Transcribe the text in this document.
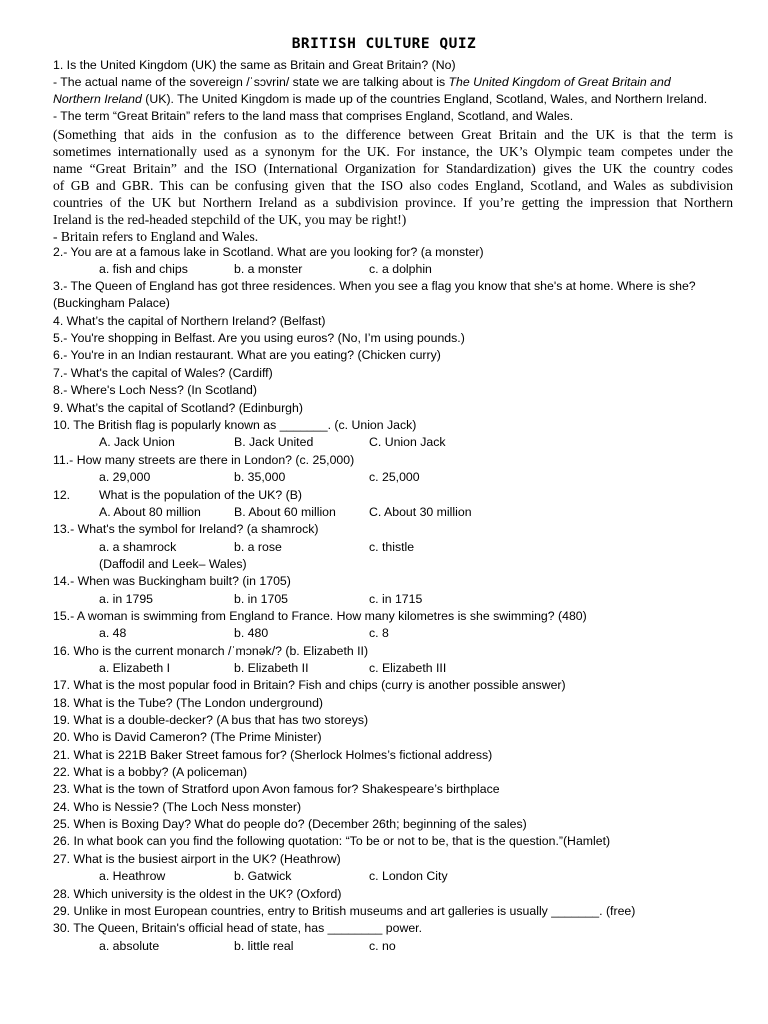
BRITISH CULTURE QUIZ
1. Is the United Kingdom (UK) the same as Britain and Great Britain? (No)
- The actual name of the sovereign /ˈsɔvrin/ state we are talking about is The United Kingdom of Great Britain and
Northern Ireland (UK). The United Kingdom is made up of the countries England, Scotland, Wales, and Northern Ireland.
- The term “Great Britain” refers to the land mass that comprises England, Scotland, and Wales.
(Something that aids in the confusion as to the difference between Great Britain and the UK is that the term is
sometimes internationally used as a synonym for the UK. For instance, the UK’s Olympic team competes under the
name “Great Britain” and the ISO (International Organization for Standardization) gives the UK the country codes
of GB and GBR. This can be confusing given that the ISO also codes England, Scotland, and Wales as subdivision
countries of the UK but Northern Ireland as a subdivision province. If you’re getting the impression that Northern
Ireland is the red-headed stepchild of the UK, you may be right!)
- Britain refers to England and Wales.
2.- You are at a famous lake in Scotland. What are you looking for? (a monster)
a. fish and chips	b. a monster	c. a dolphin
3.- The Queen of England has got three residences. When you see a flag you know that she's at home. Where is she?
(Buckingham Palace)
4. What’s the capital of Northern Ireland? (Belfast)
5.- You're shopping in Belfast. Are you using euros? (No, I’m using pounds.)
6.- You're in an Indian restaurant. What are you eating? (Chicken curry)
7.- What's the capital of Wales? (Cardiff)
8.- Where's Loch Ness? (In Scotland)
9. What’s the capital of Scotland? (Edinburgh)
10. The British flag is popularly known as _______. (c. Union Jack)
A. Jack Union	B. Jack United	C. Union Jack
11.- How many streets are there in London? (c. 25,000)
a. 29,000	b. 35,000	c. 25,000
12. What is the population of the UK? (B)
A. About 80 million	B. About 60 million	C. About 30 million
13.- What's the symbol for Ireland? (a shamrock)
a. a shamrock	b. a rose	c. thistle
(Daffodil and Leek– Wales)
14.- When was Buckingham built? (in 1705)
a. in 1795	b. in 1705	c. in 1715
15.- A woman is swimming from England to France. How many kilometres is she swimming? (480)
a. 48	b. 480	c. 8
16. Who is the current monarch /ˈmɔnək/? (b. Elizabeth II)
a. Elizabeth I	b. Elizabeth II	c. Elizabeth III
17. What is the most popular food in Britain? Fish and chips (curry is another possible answer)
18. What is the Tube? (The London underground)
19. What is a double-decker? (A bus that has two storeys)
20. Who is David Cameron? (The Prime Minister)
21. What is 221B Baker Street famous for? (Sherlock Holmes’s fictional address)
22. What is a bobby? (A policeman)
23. What is the town of Stratford upon Avon famous for? Shakespeare’s birthplace
24. Who is Nessie? (The Loch Ness monster)
25. When is Boxing Day? What do people do? (December 26th; beginning of the sales)
26. In what book can you find the following quotation: “To be or not to be, that is the question.”(Hamlet)
27. What is the busiest airport in the UK? (Heathrow)
a. Heathrow	b. Gatwick	c. London City
28. Which university is the oldest in the UK? (Oxford)
29. Unlike in most European countries, entry to British museums and art galleries is usually _______. (free)
30. The Queen, Britain's official head of state, has ________ power.
a. absolute	b. little real	c. no
